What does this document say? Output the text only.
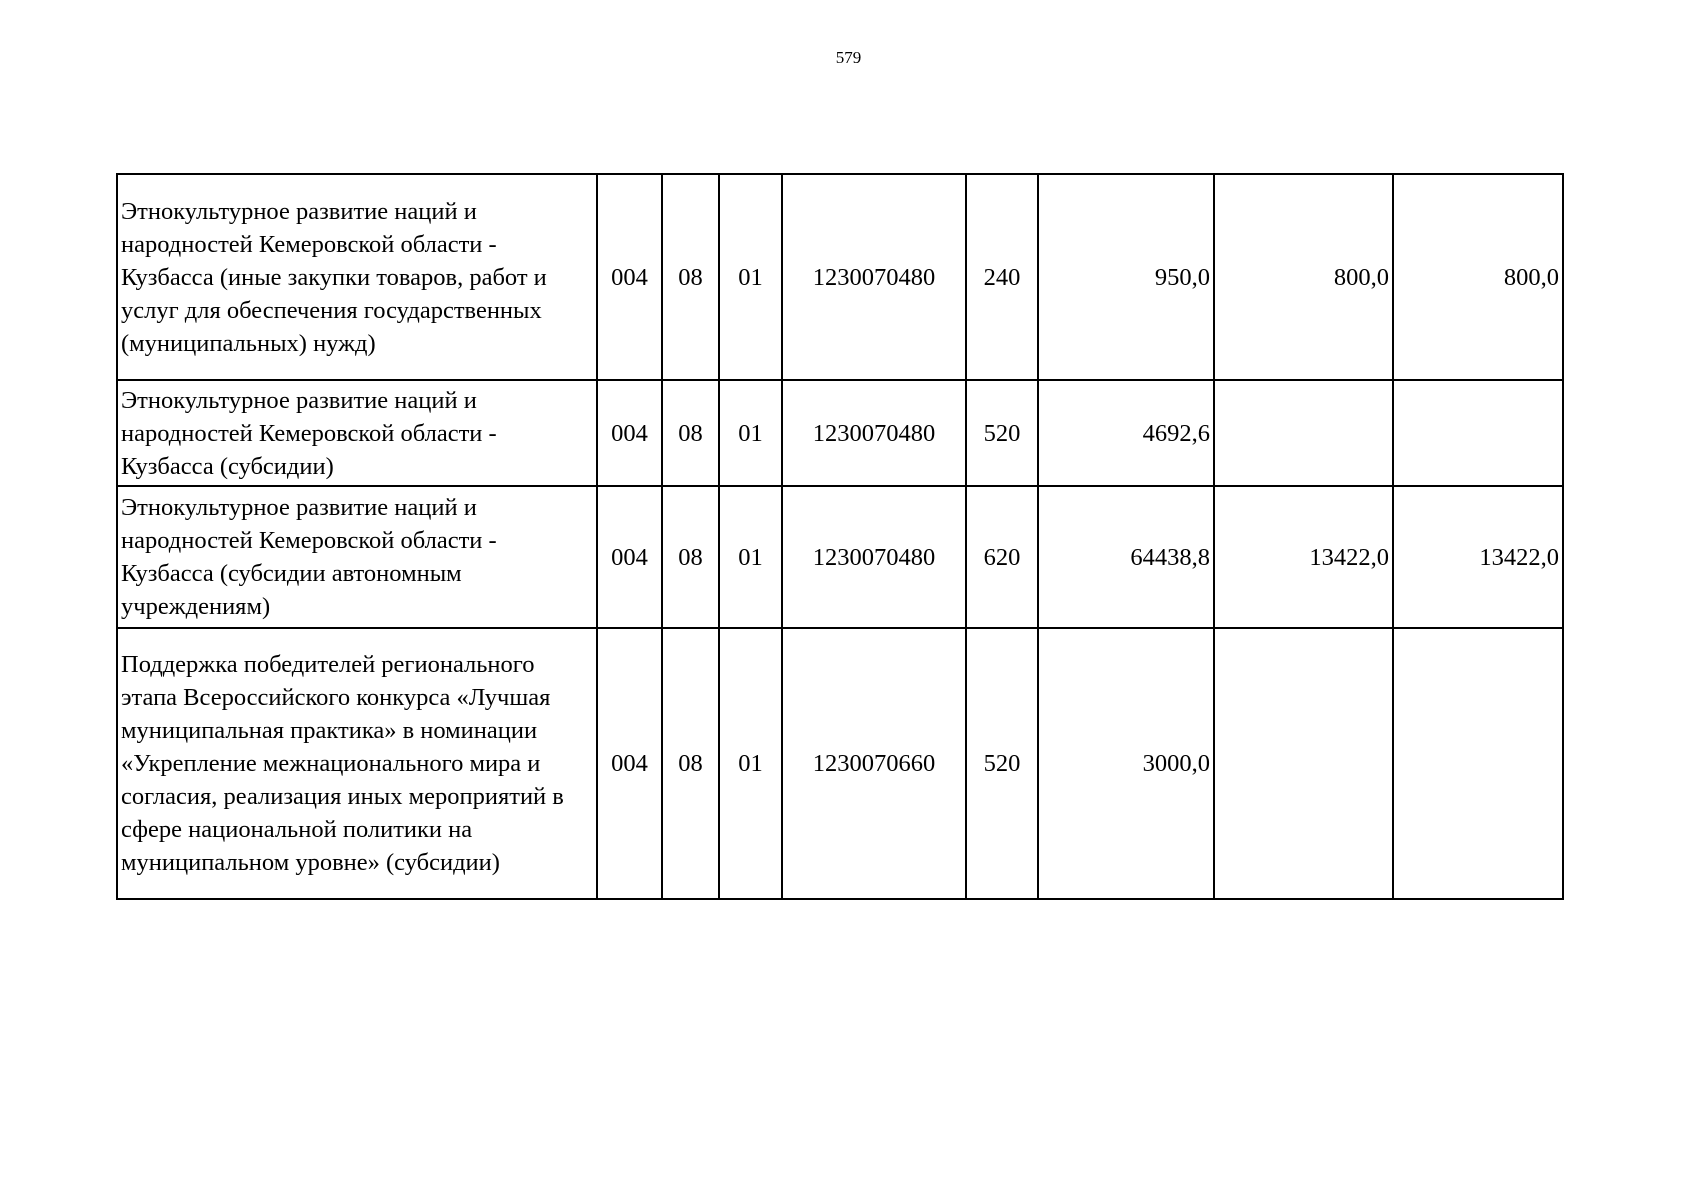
579
Этнокультурное развитие наций и народностей Кемеровской области - Кузбасса (иные закупки товаров, работ и услуг для обеспечения государственных (муниципальных) нужд)	004	08	01	1230070480	240	950,0	800,0	800,0
Этнокультурное развитие наций и народностей Кемеровской области - Кузбасса (субсидии)	004	08	01	1230070480	520	4692,6		
Этнокультурное развитие наций и народностей Кемеровской области - Кузбасса (субсидии автономным учреждениям)	004	08	01	1230070480	620	64438,8	13422,0	13422,0
Поддержка победителей регионального этапа Всероссийского конкурса «Лучшая муниципальная практика» в номинации «Укрепление межнационального мира и согласия, реализация иных мероприятий в сфере национальной политики на муниципальном уровне» (субсидии)	004	08	01	1230070660	520	3000,0		
